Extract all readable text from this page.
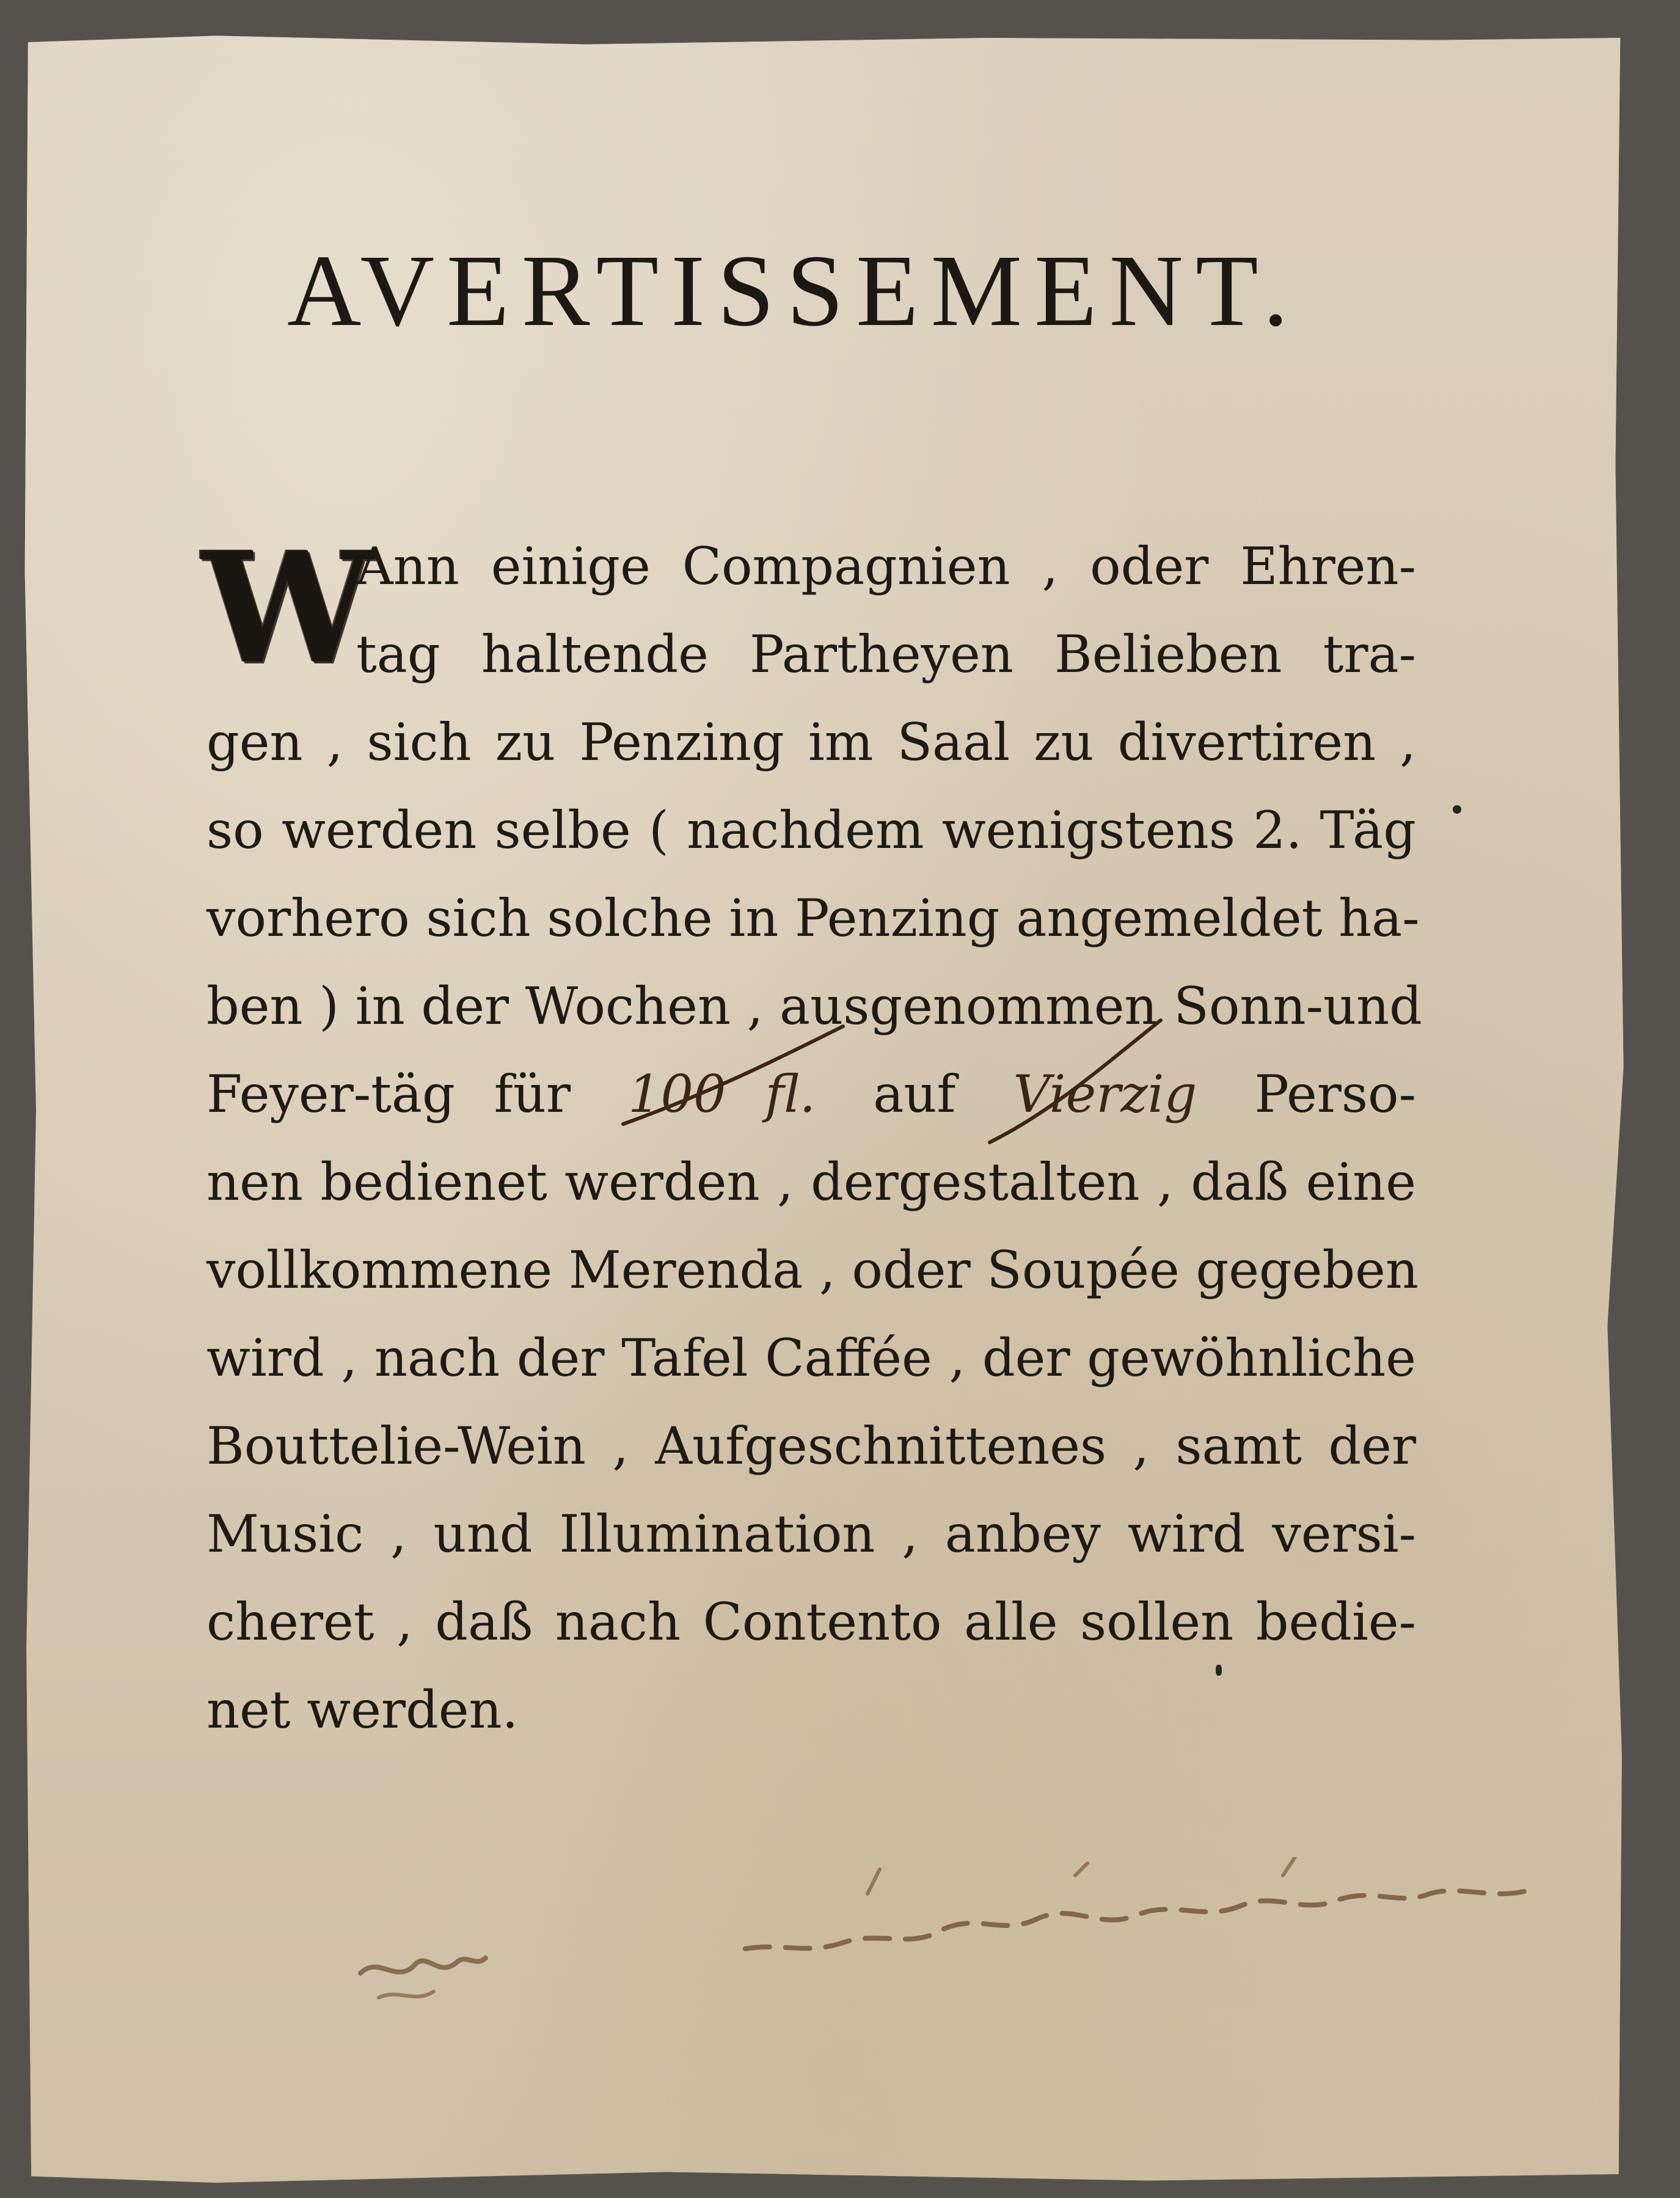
AVERTISSEMENT.
W
Ann einige Compagnien , oder Ehren-
tag haltende Partheyen Belieben tra-
gen , sich zu Penzing im Saal zu divertiren ,
so werden selbe ( nachdem wenigstens 2. Täg
vorhero sich solche in Penzing angemeldet ha-
ben ) in der Wochen , ausgenommen Sonn-und
Feyer-täg für 100 fl. auf Vierzig Perso-
nen bedienet werden , dergestalten , daß eine
vollkommene Merenda , oder Soupée gegeben
wird , nach der Tafel Caffée , der gewöhnliche
Bouttelie-Wein , Aufgeschnittenes , samt der
Music , und Illumination , anbey wird versi-
cheret , daß nach Contento alle sollen bedie-
net werden.
